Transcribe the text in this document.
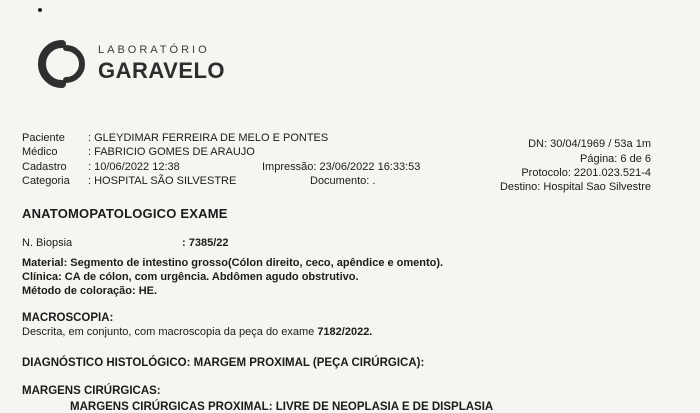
LABORATÓRIO
GARAVELO
Paciente : GLEYDIMAR FERREIRA DE MELO E PONTES
Médico	: FABRICIO GOMES DE ARAUJO
Cadastro : 10/06/2022 12:38	Impressão: 23/06/2022 16:33:53
Categoria : HOSPITAL SÃO SILVESTRE	Documento: .
DN: 30/04/1969 / 53a 1m
Página: 6 de 6
Protocolo: 2201.023.521-4
Destino: Hospital Sao Silvestre
ANATOMOPATOLOGICO EXAME
N. Biopsia	: 7385/22
Material: Segmento de intestino grosso(Cólon direito, ceco, apêndice e omento).
Clínica: CA de cólon, com urgência. Abdômen agudo obstrutivo.
Método de coloração: HE.
MACROSCOPIA:
Descrita, em conjunto, com macroscopia da peça do exame 7182/2022.
DIAGNÓSTICO HISTOLÓGICO: MARGEM PROXIMAL (PEÇA CIRÚRGICA):
MARGENS CIRÚRGICAS:
MARGENS CIRÚRGICAS PROXIMAL: LIVRE DE NEOPLASIA E DE DISPLASIA
